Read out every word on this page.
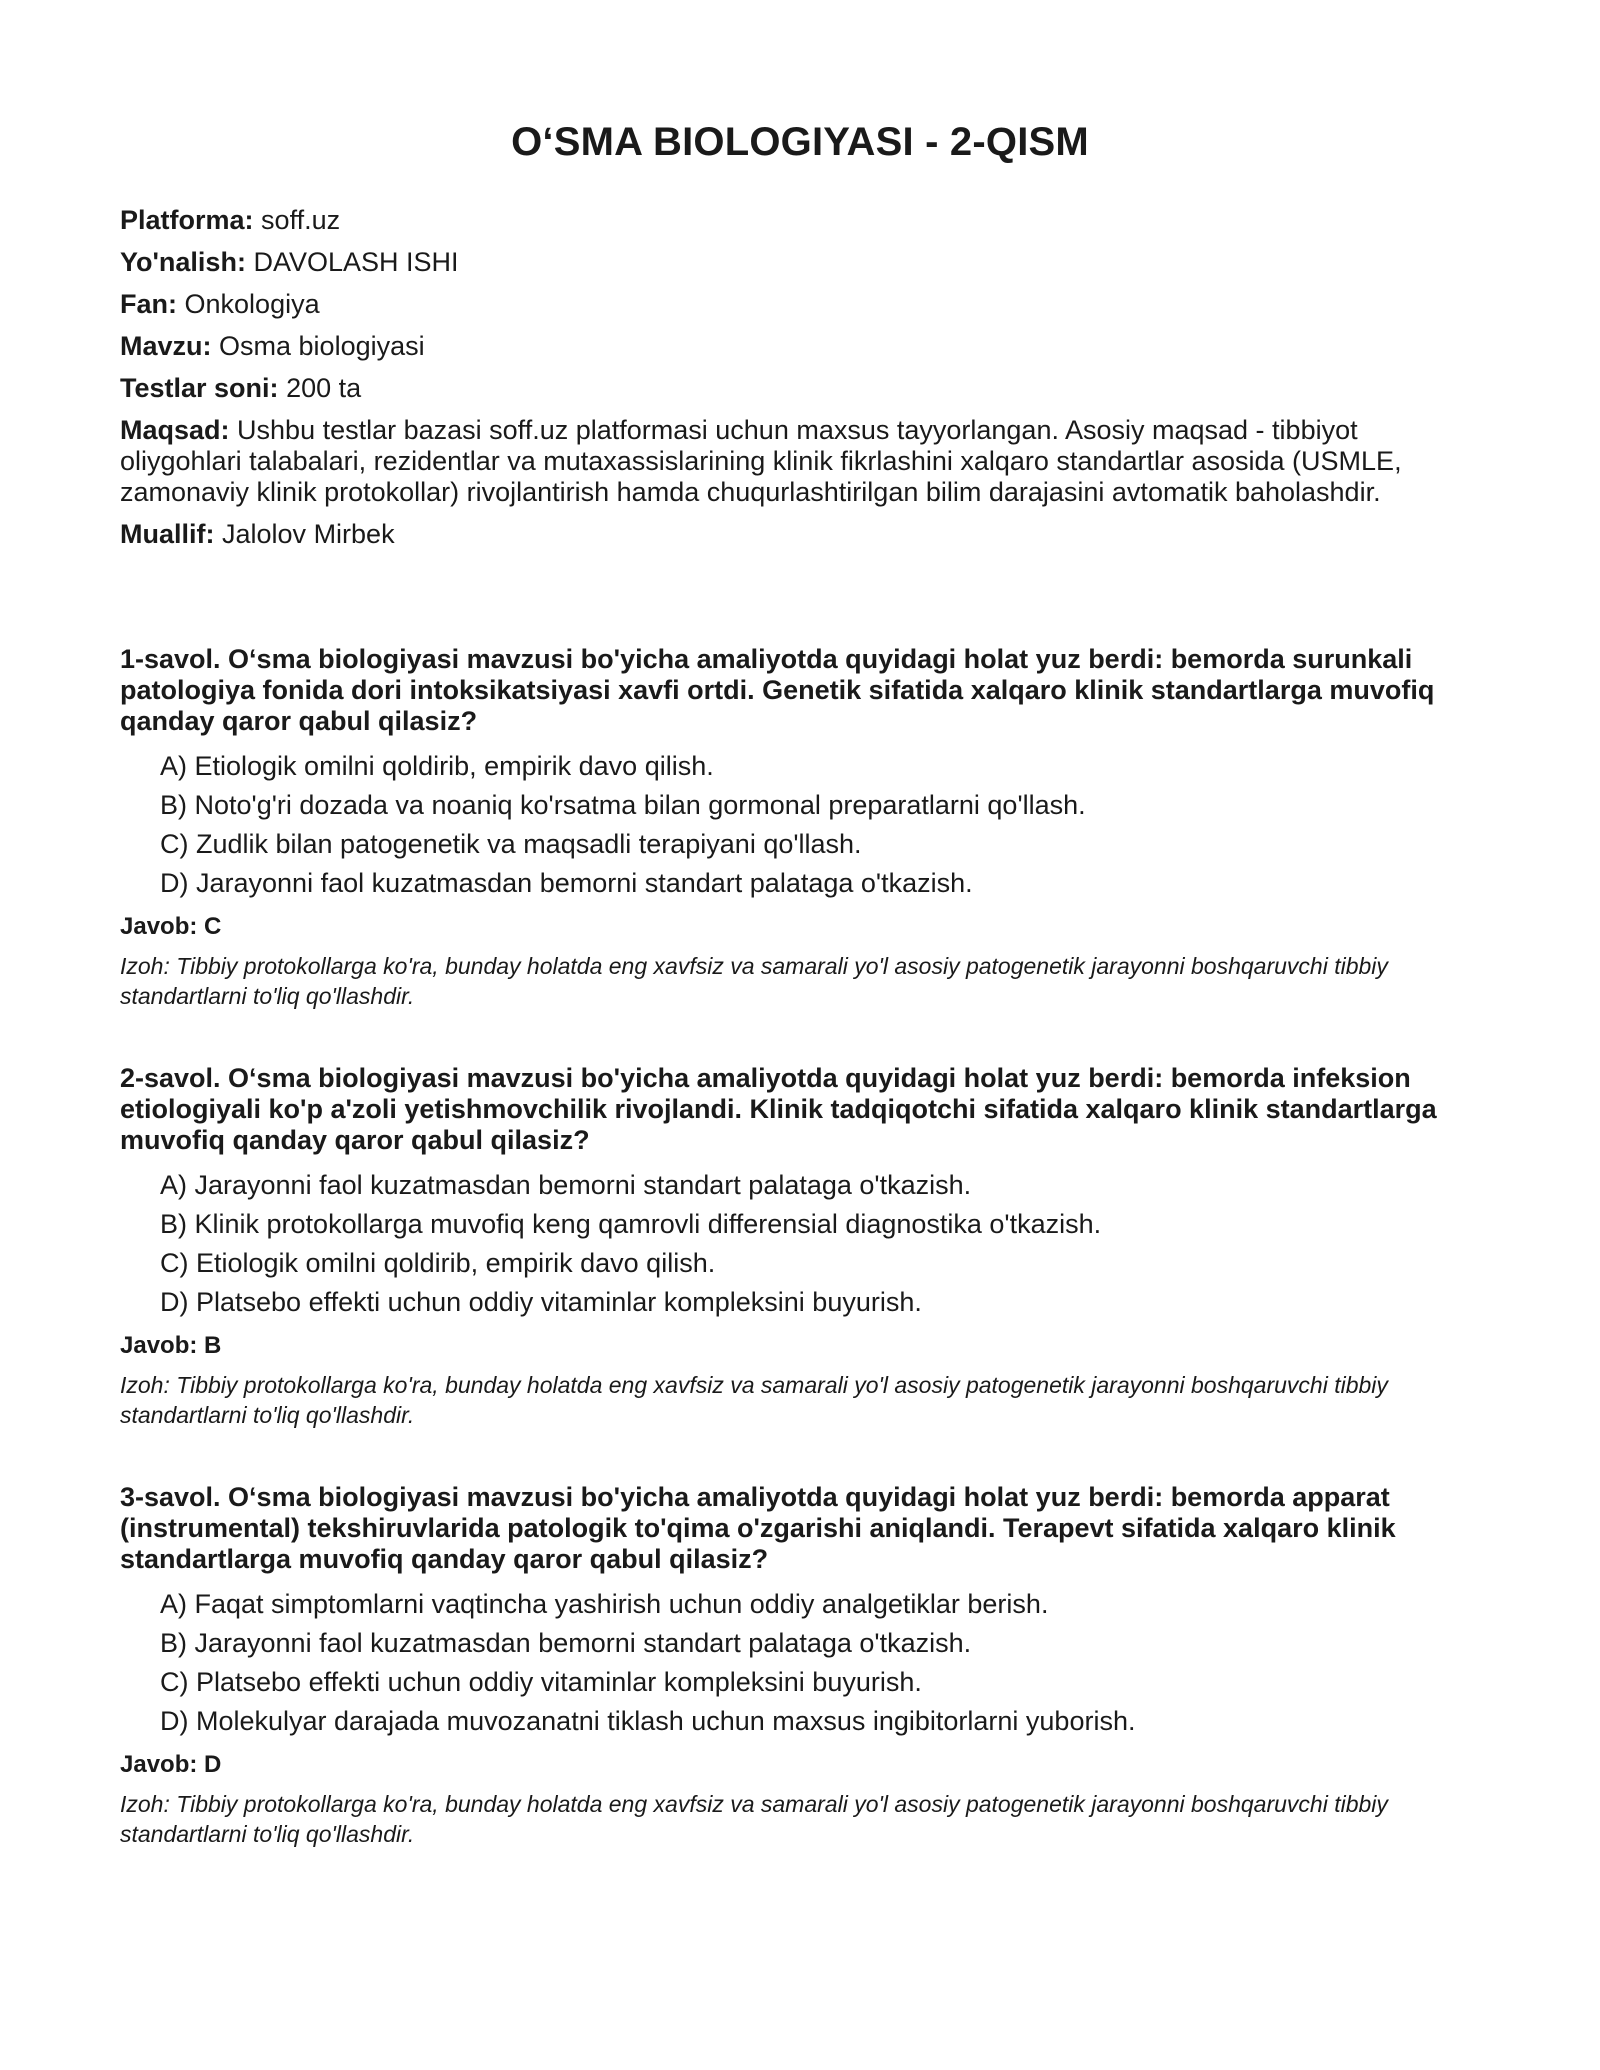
O‘SMA BIOLOGIYASI - 2-QISM

Platforma: soff.uz

Yo'nalish: DAVOLASH ISHI

Fan: Onkologiya

Mavzu: Osma biologiyasi

Testlar soni: 200 ta

Maqsad: Ushbu testlar bazasi soff.uz platformasi uchun maxsus tayyorlangan. Asosiy maqsad - tibbiyot oliygohlari talabalari, rezidentlar va mutaxassislarining klinik fikrlashini xalqaro standartlar asosida (USMLE, zamonaviy klinik protokollar) rivojlantirish hamda chuqurlashtirilgan bilim darajasini avtomatik baholashdir.

Muallif: Jalolov Mirbek

1-savol. O‘sma biologiyasi mavzusi bo'yicha amaliyotda quyidagi holat yuz berdi: bemorda surunkali patologiya fonida dori intoksikatsiyasi xavfi ortdi. Genetik sifatida xalqaro klinik standartlarga muvofiq qanday qaror qabul qilasiz?

A) Etiologik omilni qoldirib, empirik davo qilish.
B) Noto'g'ri dozada va noaniq ko'rsatma bilan gormonal preparatlarni qo'llash.
C) Zudlik bilan patogenetik va maqsadli terapiyani qo'llash.
D) Jarayonni faol kuzatmasdan bemorni standart palataga o'tkazish.

Javob: C

Izoh: Tibbiy protokollarga ko'ra, bunday holatda eng xavfsiz va samarali yo'l asosiy patogenetik jarayonni boshqaruvchi tibbiy standartlarni to'liq qo'llashdir.

2-savol. O‘sma biologiyasi mavzusi bo'yicha amaliyotda quyidagi holat yuz berdi: bemorda infeksion etiologiyali ko'p a'zoli yetishmovchilik rivojlandi. Klinik tadqiqotchi sifatida xalqaro klinik standartlarga muvofiq qanday qaror qabul qilasiz?

A) Jarayonni faol kuzatmasdan bemorni standart palataga o'tkazish.
B) Klinik protokollarga muvofiq keng qamrovli differensial diagnostika o'tkazish.
C) Etiologik omilni qoldirib, empirik davo qilish.
D) Platsebo effekti uchun oddiy vitaminlar kompleksini buyurish.

Javob: B

Izoh: Tibbiy protokollarga ko'ra, bunday holatda eng xavfsiz va samarali yo'l asosiy patogenetik jarayonni boshqaruvchi tibbiy standartlarni to'liq qo'llashdir.

3-savol. O‘sma biologiyasi mavzusi bo'yicha amaliyotda quyidagi holat yuz berdi: bemorda apparat (instrumental) tekshiruvlarida patologik to'qima o'zgarishi aniqlandi. Terapevt sifatida xalqaro klinik standartlarga muvofiq qanday qaror qabul qilasiz?

A) Faqat simptomlarni vaqtincha yashirish uchun oddiy analgetiklar berish.
B) Jarayonni faol kuzatmasdan bemorni standart palataga o'tkazish.
C) Platsebo effekti uchun oddiy vitaminlar kompleksini buyurish.
D) Molekulyar darajada muvozanatni tiklash uchun maxsus ingibitorlarni yuborish.

Javob: D

Izoh: Tibbiy protokollarga ko'ra, bunday holatda eng xavfsiz va samarali yo'l asosiy patogenetik jarayonni boshqaruvchi tibbiy standartlarni to'liq qo'llashdir.
